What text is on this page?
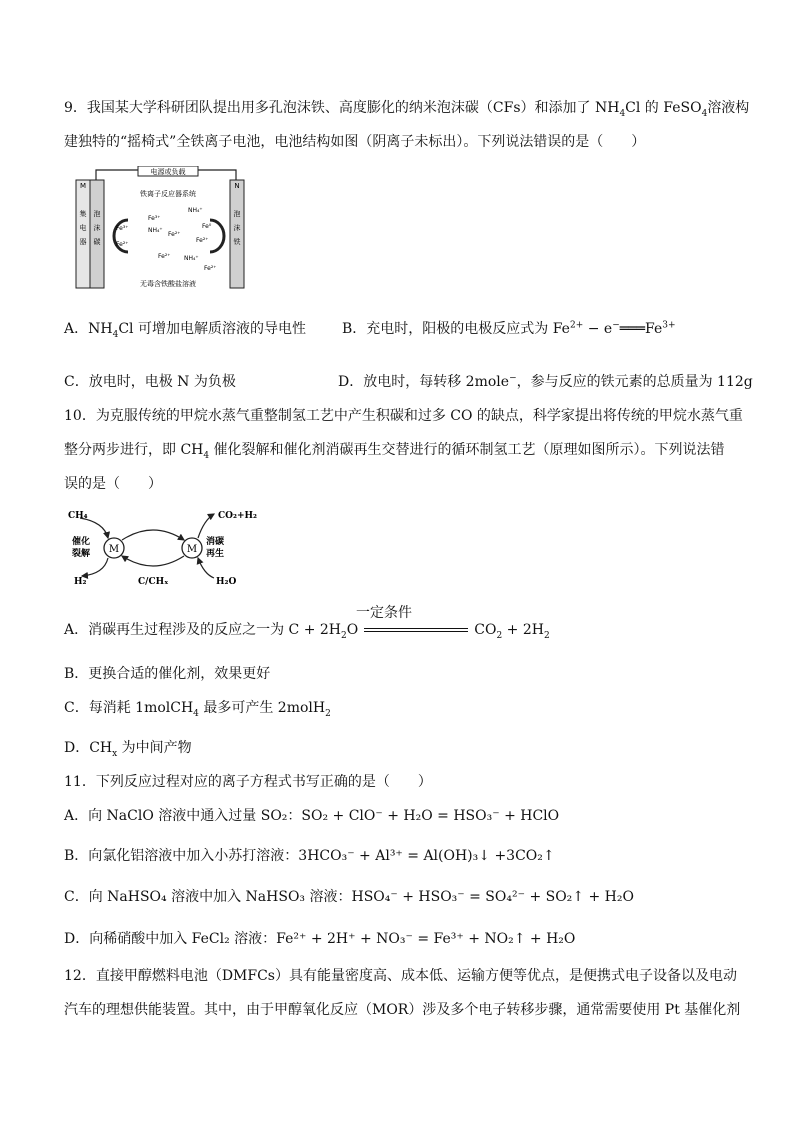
9．我国某大学科研团队提出用多孔泡沫铁、高度膨化的纳米泡沫碳（CFs）和添加了 $NH_4Cl$ 的 FeSO$_4$溶液构
建独特的“摇椅式”全铁离子电池，电池结构如图（阴离子未标出）。下列说法错误的是（　　）
电源或负载
M
集
电
器
泡
沫
碳
N
泡
沫
铁
铁离子反应器系统
无毒含铁酸盐溶液
Fe³⁺
Fe²⁺
Fe³⁺
NH₄⁺
Fe²⁺
Fe²⁺
NH₄⁺
Fe⁰
Fe²⁺
NH₄⁺
Fe²⁺
A．$NH_4Cl$ 可增加电解质溶液的导电性	B．充电时，阳极的电极反应式为 $Fe^{2+}$ − $e^-═══Fe^{3+}$
C．放电时，电极 N 为负极	D．放电时，每转移 2mole−，参与反应的铁元素的总质量为 112g
10．为克服传统的甲烷水蒸气重整制氢工艺中产生积碳和过多 CO 的缺点，科学家提出将传统的甲烷水蒸气重
整分两步进行，即 $CH_4$ 催化裂解和催化剂消碳再生交替进行的循环制氢工艺（原理如图所示）。下列说法错
误的是（　　）
M	M
CH₄
H₂
催化
裂解
C/CHₓ
CO₂+H₂
消碳
再生
H₂O
A．消碳再生过程涉及的反应之一为 $C + 2H_2O$	$CO_2 + 2H_2$
一定条件
B．更换合适的催化剂，效果更好
C．每消耗 1molCH$_4$ 最多可产生 2molH$_2$
D．$CH_x$ 为中间产物
11．下列反应过程对应的离子方程式书写正确的是（　　）
A．向 NaClO 溶液中通入过量 SO₂：SO₂ + ClO⁻ + H₂O = HSO₃⁻ + HClO
B．向氯化铝溶液中加入小苏打溶液：3HCO₃⁻ + Al³⁺ = Al(OH)₃↓ +3CO₂↑
C．向 NaHSO₄ 溶液中加入 NaHSO₃ 溶液：HSO₄⁻ + HSO₃⁻ = SO₄²⁻ + SO₂↑ + H₂O
D．向稀硝酸中加入 FeCl₂ 溶液：Fe²⁺ + 2H⁺ + NO₃⁻ = Fe³⁺ + NO₂↑ + H₂O
12．直接甲醇燃料电池（DMFCs）具有能量密度高、成本低、运输方便等优点，是便携式电子设备以及电动
汽车的理想供能装置。其中，由于甲醇氧化反应（MOR）涉及多个电子转移步骤，通常需要使用 Pt 基催化剂
